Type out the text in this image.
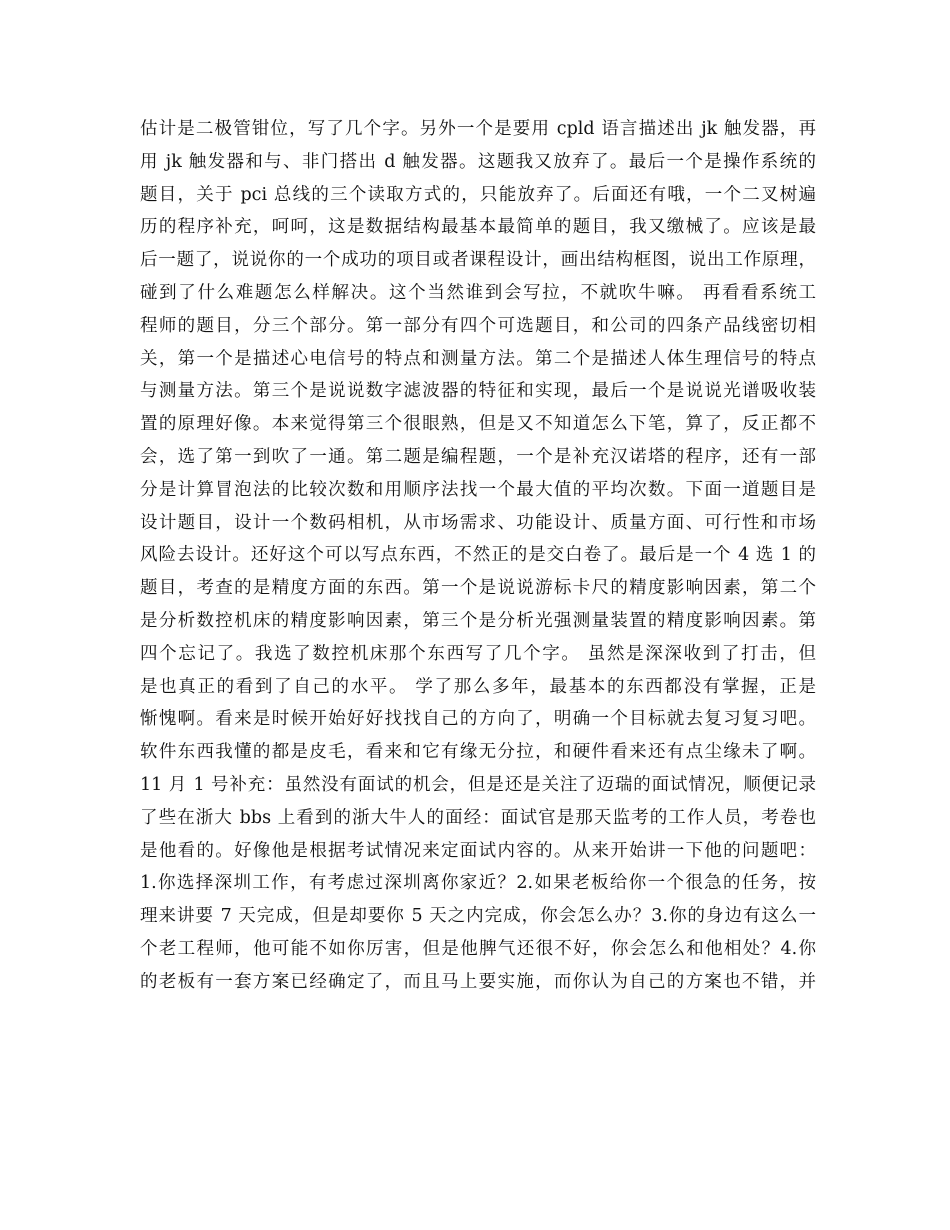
估计是二极管钳位，写了几个字。另外一个是要用 cpld 语言描述出 jk 触发器，再
用 jk 触发器和与、非门搭出 d 触发器。这题我又放弃了。最后一个是操作系统的
题目，关于 pci 总线的三个读取方式的，只能放弃了。后面还有哦，一个二叉树遍
历的程序补充，呵呵，这是数据结构最基本最简单的题目，我又缴械了。应该是最
后一题了，说说你的一个成功的项目或者课程设计，画出结构框图，说出工作原理，
碰到了什么难题怎么样解决。这个当然谁到会写拉，不就吹牛嘛。 再看看系统工
程师的题目，分三个部分。第一部分有四个可选题目，和公司的四条产品线密切相
关，第一个是描述心电信号的特点和测量方法。第二个是描述人体生理信号的特点
与测量方法。第三个是说说数字滤波器的特征和实现，最后一个是说说光谱吸收装
置的原理好像。本来觉得第三个很眼熟，但是又不知道怎么下笔，算了，反正都不
会，选了第一到吹了一通。第二题是编程题，一个是补充汉诺塔的程序，还有一部
分是计算冒泡法的比较次数和用顺序法找一个最大值的平均次数。下面一道题目是
设计题目，设计一个数码相机，从市场需求、功能设计、质量方面、可行性和市场
风险去设计。还好这个可以写点东西，不然正的是交白卷了。最后是一个 4 选 1 的
题目，考查的是精度方面的东西。第一个是说说游标卡尺的精度影响因素，第二个
是分析数控机床的精度影响因素，第三个是分析光强测量装置的精度影响因素。第
四个忘记了。我选了数控机床那个东西写了几个字。 虽然是深深收到了打击，但
是也真正的看到了自己的水平。 学了那么多年，最基本的东西都没有掌握，正是
惭愧啊。看来是时候开始好好找找自己的方向了，明确一个目标就去复习复习吧。
软件东西我懂的都是皮毛，看来和它有缘无分拉，和硬件看来还有点尘缘未了啊。
11 月 1 号补充：虽然没有面试的机会，但是还是关注了迈瑞的面试情况，顺便记录
了些在浙大 bbs 上看到的浙大牛人的面经：面试官是那天监考的工作人员，考卷也
是他看的。好像他是根据考试情况来定面试内容的。从来开始讲一下他的问题吧：
1.你选择深圳工作，有考虑过深圳离你家近？2.如果老板给你一个很急的任务，按
理来讲要 7 天完成，但是却要你 5 天之内完成，你会怎么办？3.你的身边有这么一
个老工程师，他可能不如你厉害，但是他脾气还很不好，你会怎么和他相处？4.你
的老板有一套方案已经确定了，而且马上要实施，而你认为自己的方案也不错，并
